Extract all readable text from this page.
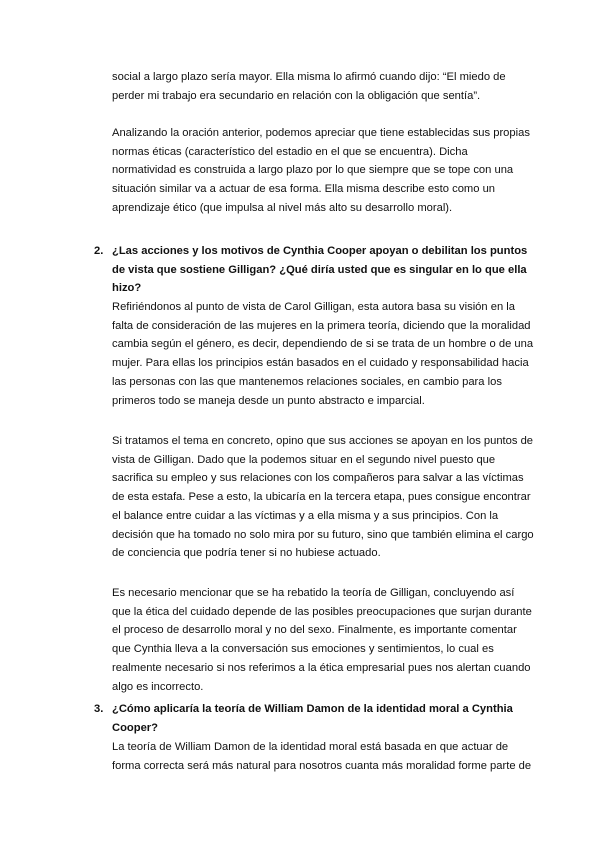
social a largo plazo sería mayor. Ella misma lo afirmó cuando dijo: “El miedo de
perder mi trabajo era secundario en relación con la obligación que sentía”.

Analizando la oración anterior, podemos apreciar que tiene establecidas sus propias
normas éticas (característico del estadio en el que se encuentra). Dicha
normatividad es construida a largo plazo por lo que siempre que se tope con una
situación similar va a actuar de esa forma. Ella misma describe esto como un
aprendizaje ético (que impulsa al nivel más alto su desarrollo moral).

2. ¿Las acciones y los motivos de Cynthia Cooper apoyan o debilitan los puntos
de vista que sostiene Gilligan? ¿Qué diría usted que es singular en lo que ella
hizo?

Refiriéndonos al punto de vista de Carol Gilligan, esta autora basa su visión en la
falta de consideración de las mujeres en la primera teoría, diciendo que la moralidad
cambia según el género, es decir, dependiendo de si se trata de un hombre o de una
mujer. Para ellas los principios están basados en el cuidado y responsabilidad hacia
las personas con las que mantenemos relaciones sociales, en cambio para los
primeros todo se maneja desde un punto abstracto e imparcial.

Si tratamos el tema en concreto, opino que sus acciones se apoyan en los puntos de
vista de Gilligan. Dado que la podemos situar en el segundo nivel puesto que
sacrifica su empleo y sus relaciones con los compañeros para salvar a las víctimas
de esta estafa. Pese a esto, la ubicaría en la tercera etapa, pues consigue encontrar
el balance entre cuidar a las víctimas y a ella misma y a sus principios. Con la
decisión que ha tomado no solo mira por su futuro, sino que también elimina el cargo
de conciencia que podría tener si no hubiese actuado.

Es necesario mencionar que se ha rebatido la teoría de Gilligan, concluyendo así
que la ética del cuidado depende de las posibles preocupaciones que surjan durante
el proceso de desarrollo moral y no del sexo. Finalmente, es importante comentar
que Cynthia lleva a la conversación sus emociones y sentimientos, lo cual es
realmente necesario si nos referimos a la ética empresarial pues nos alertan cuando
algo es incorrecto.

3. ¿Cómo aplicaría la teoría de William Damon de la identidad moral a Cynthia
Cooper?

La teoría de William Damon de la identidad moral está basada en que actuar de
forma correcta será más natural para nosotros cuanta más moralidad forme parte de
